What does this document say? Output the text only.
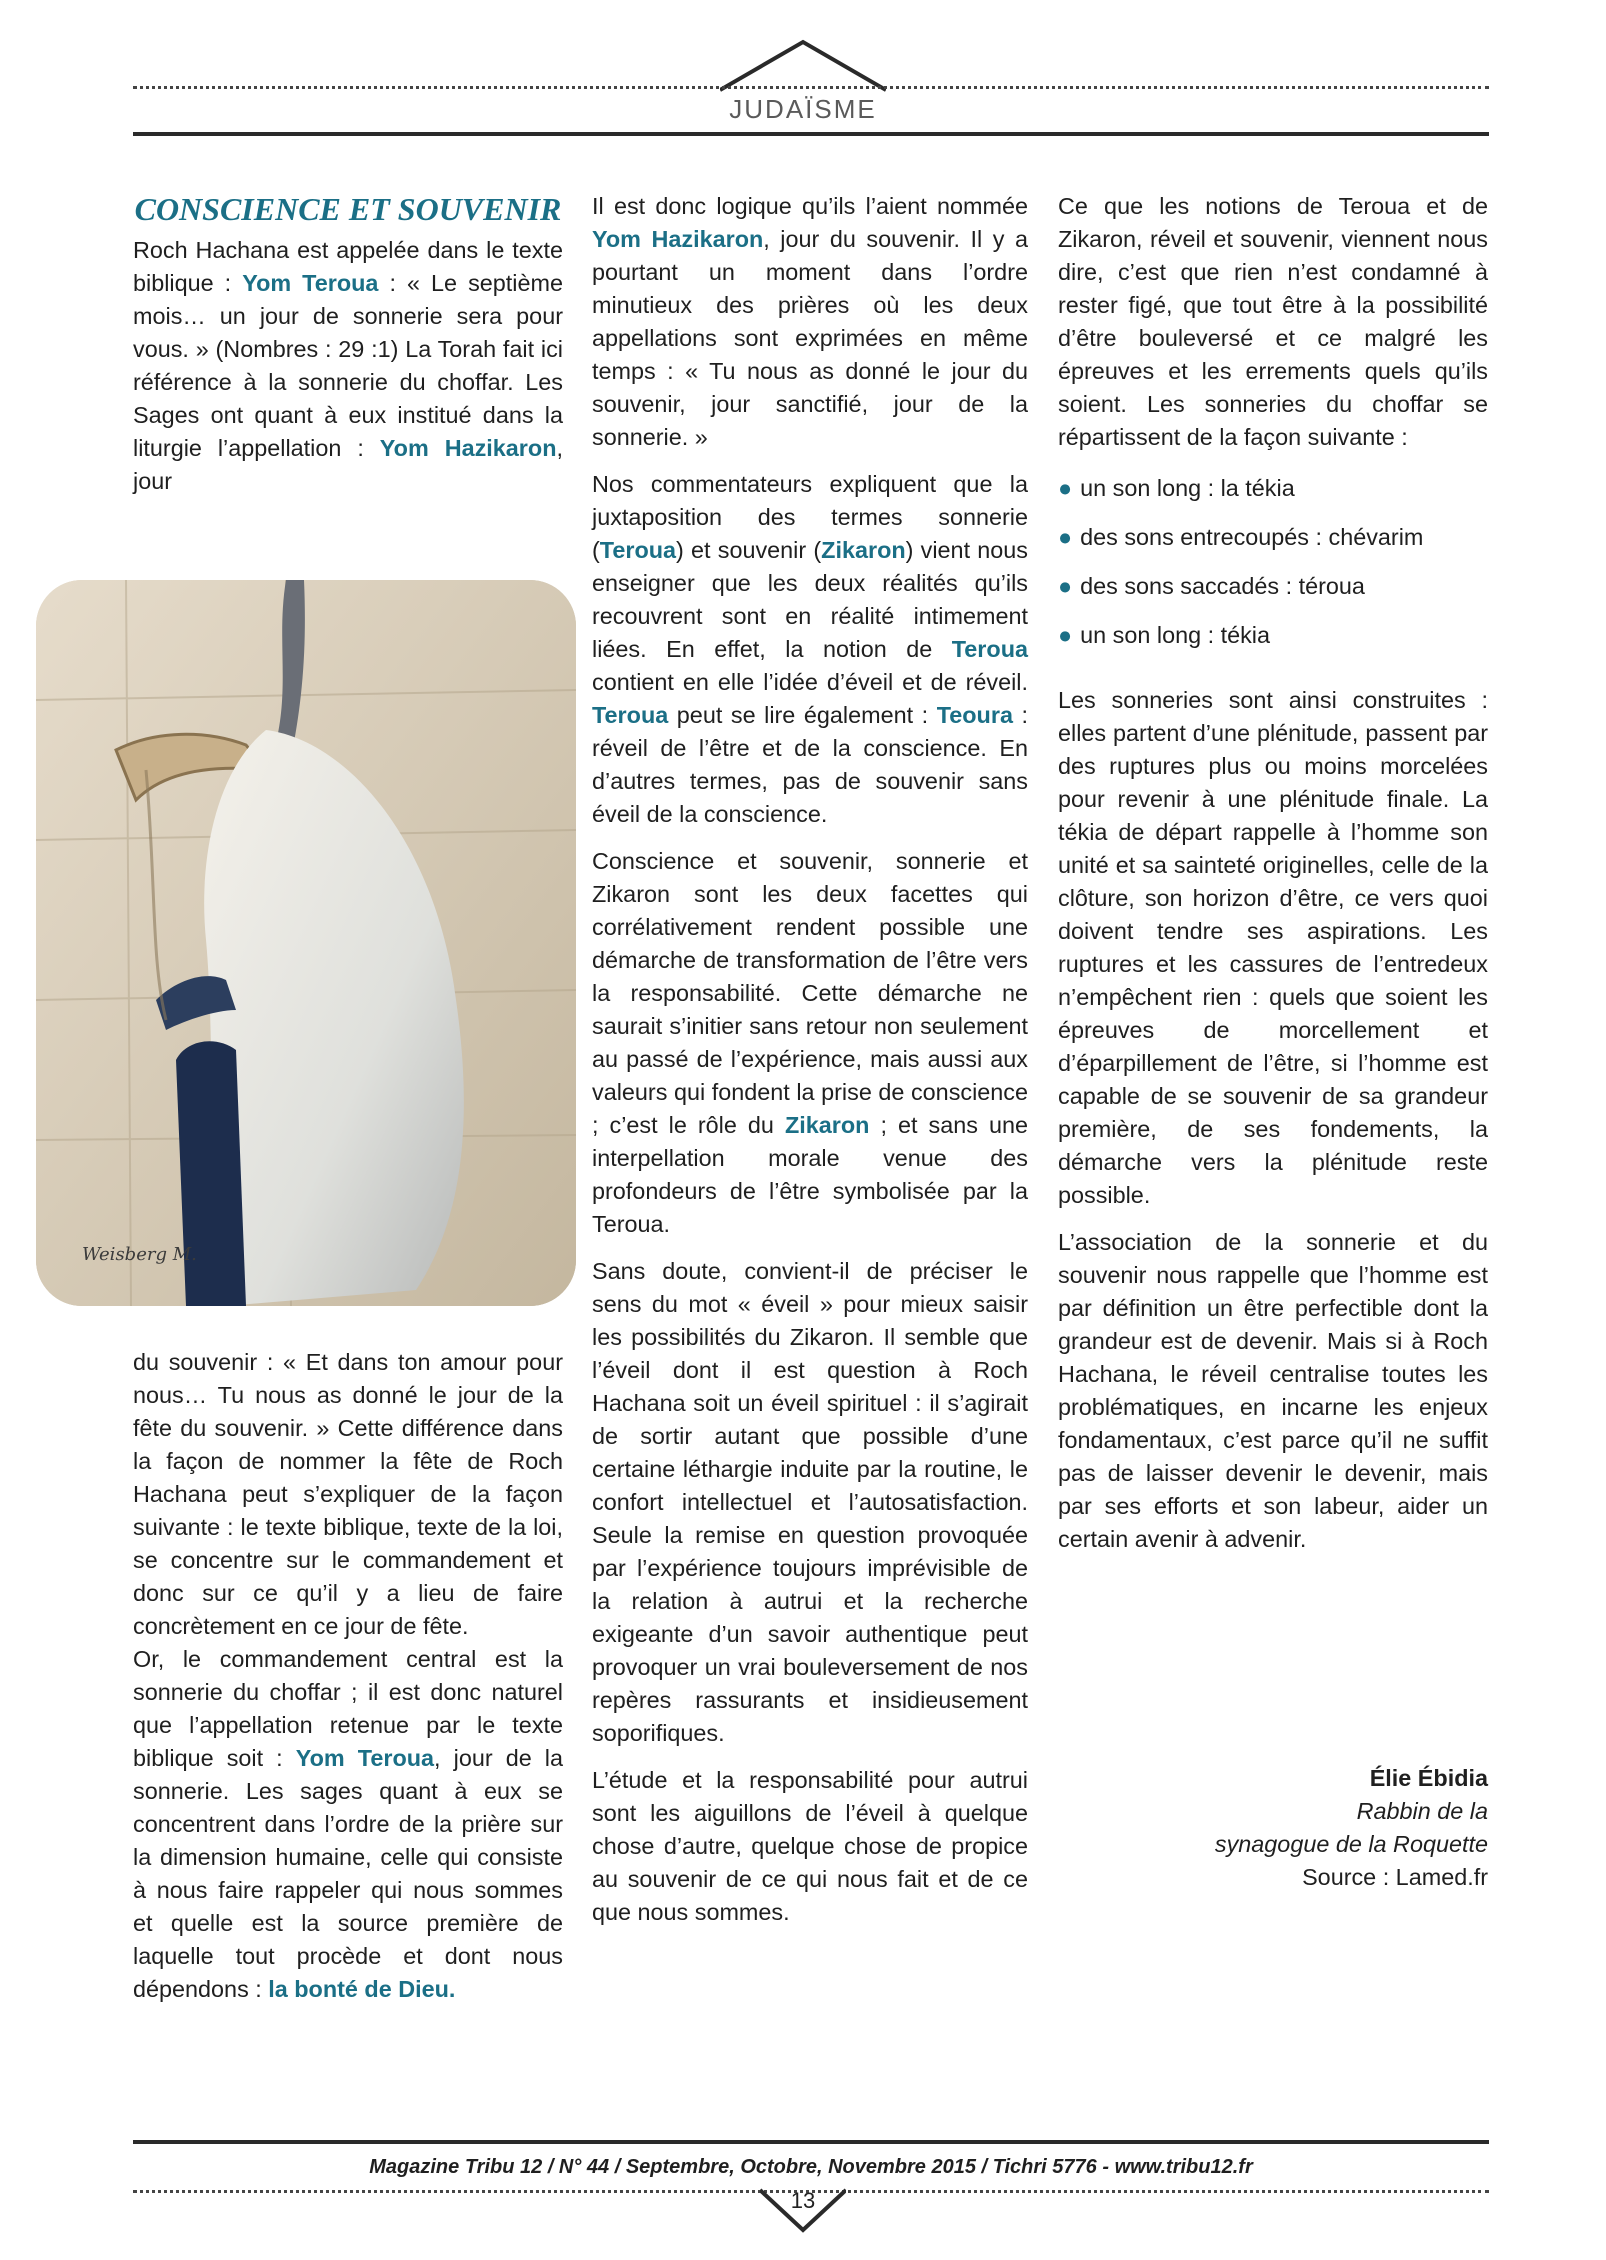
JUDAÏSME
Weisberg M.
CONSCIENCE ET SOUVENIR

Roch Hachana est appelée dans le texte biblique : Yom Teroua : « Le septième mois… un jour de sonnerie sera pour vous. » (Nombres : 29 :1) La Torah fait ici référence à la sonnerie du choffar. Les Sages ont quant à eux institué dans la liturgie l’appellation : Yom Hazikaron, jour

du souvenir : « Et dans ton amour pour nous… Tu nous as donné le jour de la fête du souvenir. » Cette différence dans la façon de nommer la fête de Roch Hachana peut s’expliquer de la façon suivante : le texte biblique, texte de la loi, se concentre sur le commandement et donc sur ce qu’il y a lieu de faire concrètement en ce jour de fête.

Or, le commandement central est la sonnerie du choffar ; il est donc naturel que l’appellation retenue par le texte biblique soit : Yom Teroua, jour de la sonnerie. Les sages quant à eux se concentrent dans l’ordre de la prière sur la dimension humaine, celle qui consiste à nous faire rappeler qui nous sommes et quelle est la source première de laquelle tout procède et dont nous dépendons : la bonté de Dieu.

Il est donc logique qu’ils l’aient nommée Yom Hazikaron, jour du souvenir. Il y a pourtant un moment dans l’ordre minutieux des prières où les deux appellations sont exprimées en même temps : « Tu nous as donné le jour du souvenir, jour sanctifié, jour de la sonnerie. »

Nos commentateurs expliquent que la juxtaposition des termes sonnerie (Teroua) et souvenir (Zikaron) vient nous enseigner que les deux réalités qu’ils recouvrent sont en réalité intimement liées. En effet, la notion de Teroua contient en elle l’idée d’éveil et de réveil. Teroua peut se lire également : Teoura : réveil de l’être et de la conscience. En d’autres termes, pas de souvenir sans éveil de la conscience.

Conscience et souvenir, sonnerie et Zikaron sont les deux facettes qui corrélativement rendent possible une démarche de transformation de l’être vers la responsabilité. Cette démarche ne saurait s’initier sans retour non seulement au passé de l’expérience, mais aussi aux valeurs qui fondent la prise de conscience ; c’est le rôle du Zikaron ; et sans une interpellation morale venue des profondeurs de l’être symbolisée par la Teroua.

Sans doute, convient-il de préciser le sens du mot « éveil » pour mieux saisir les possibilités du Zikaron. Il semble que l’éveil dont il est question à Roch Hachana soit un éveil spirituel : il s’agirait de sortir autant que possible d’une certaine léthargie induite par la routine, le confort intellectuel et l’autosatisfaction. Seule la remise en question provoquée par l’expérience toujours imprévisible de la relation à autrui et la recherche exigeante d’un savoir authentique peut provoquer un vrai bouleversement de nos repères rassurants et insidieusement soporifiques.

L’étude et la responsabilité pour autrui sont les aiguillons de l’éveil à quelque chose d’autre, quelque chose de propice au souvenir de ce qui nous fait et de ce que nous sommes.

Ce que les notions de Teroua et de Zikaron, réveil et souvenir, viennent nous dire, c’est que rien n’est condamné à rester figé, que tout être à la possibilité d’être bouleversé et ce malgré les épreuves et les errements quels qu’ils soient. Les sonneries du choffar se répartissent de la façon suivante :

● un son long : la tékia
● des sons entrecoupés : chévarim
● des sons saccadés : téroua
● un son long : tékia

Les sonneries sont ainsi construites : elles partent d’une plénitude, passent par des ruptures plus ou moins morcelées pour revenir à une plénitude finale. La tékia de départ rappelle à l’homme son unité et sa sainteté originelles, celle de la clôture, son horizon d’être, ce vers quoi doivent tendre ses aspirations. Les ruptures et les cassures de l’entredeux n’empêchent rien : quels que soient les épreuves de morcellement et d’éparpillement de l’être, si l’homme est capable de se souvenir de sa grandeur première, de ses fondements, la démarche vers la plénitude reste possible.

L’association de la sonnerie et du souvenir nous rappelle que l’homme est par définition un être perfectible dont la grandeur est de devenir. Mais si à Roch Hachana, le réveil centralise toutes les problématiques, en incarne les enjeux fondamentaux, c’est parce qu’il ne suffit pas de laisser devenir le devenir, mais par ses efforts et son labeur, aider un certain avenir à advenir.

Élie Ébidia
Rabbin de la
synagogue de la Roquette
Source : Lamed.fr
Magazine Tribu 12 / N° 44 / Septembre, Octobre, Novembre 2015 / Tichri 5776 - www.tribu12.fr
13
